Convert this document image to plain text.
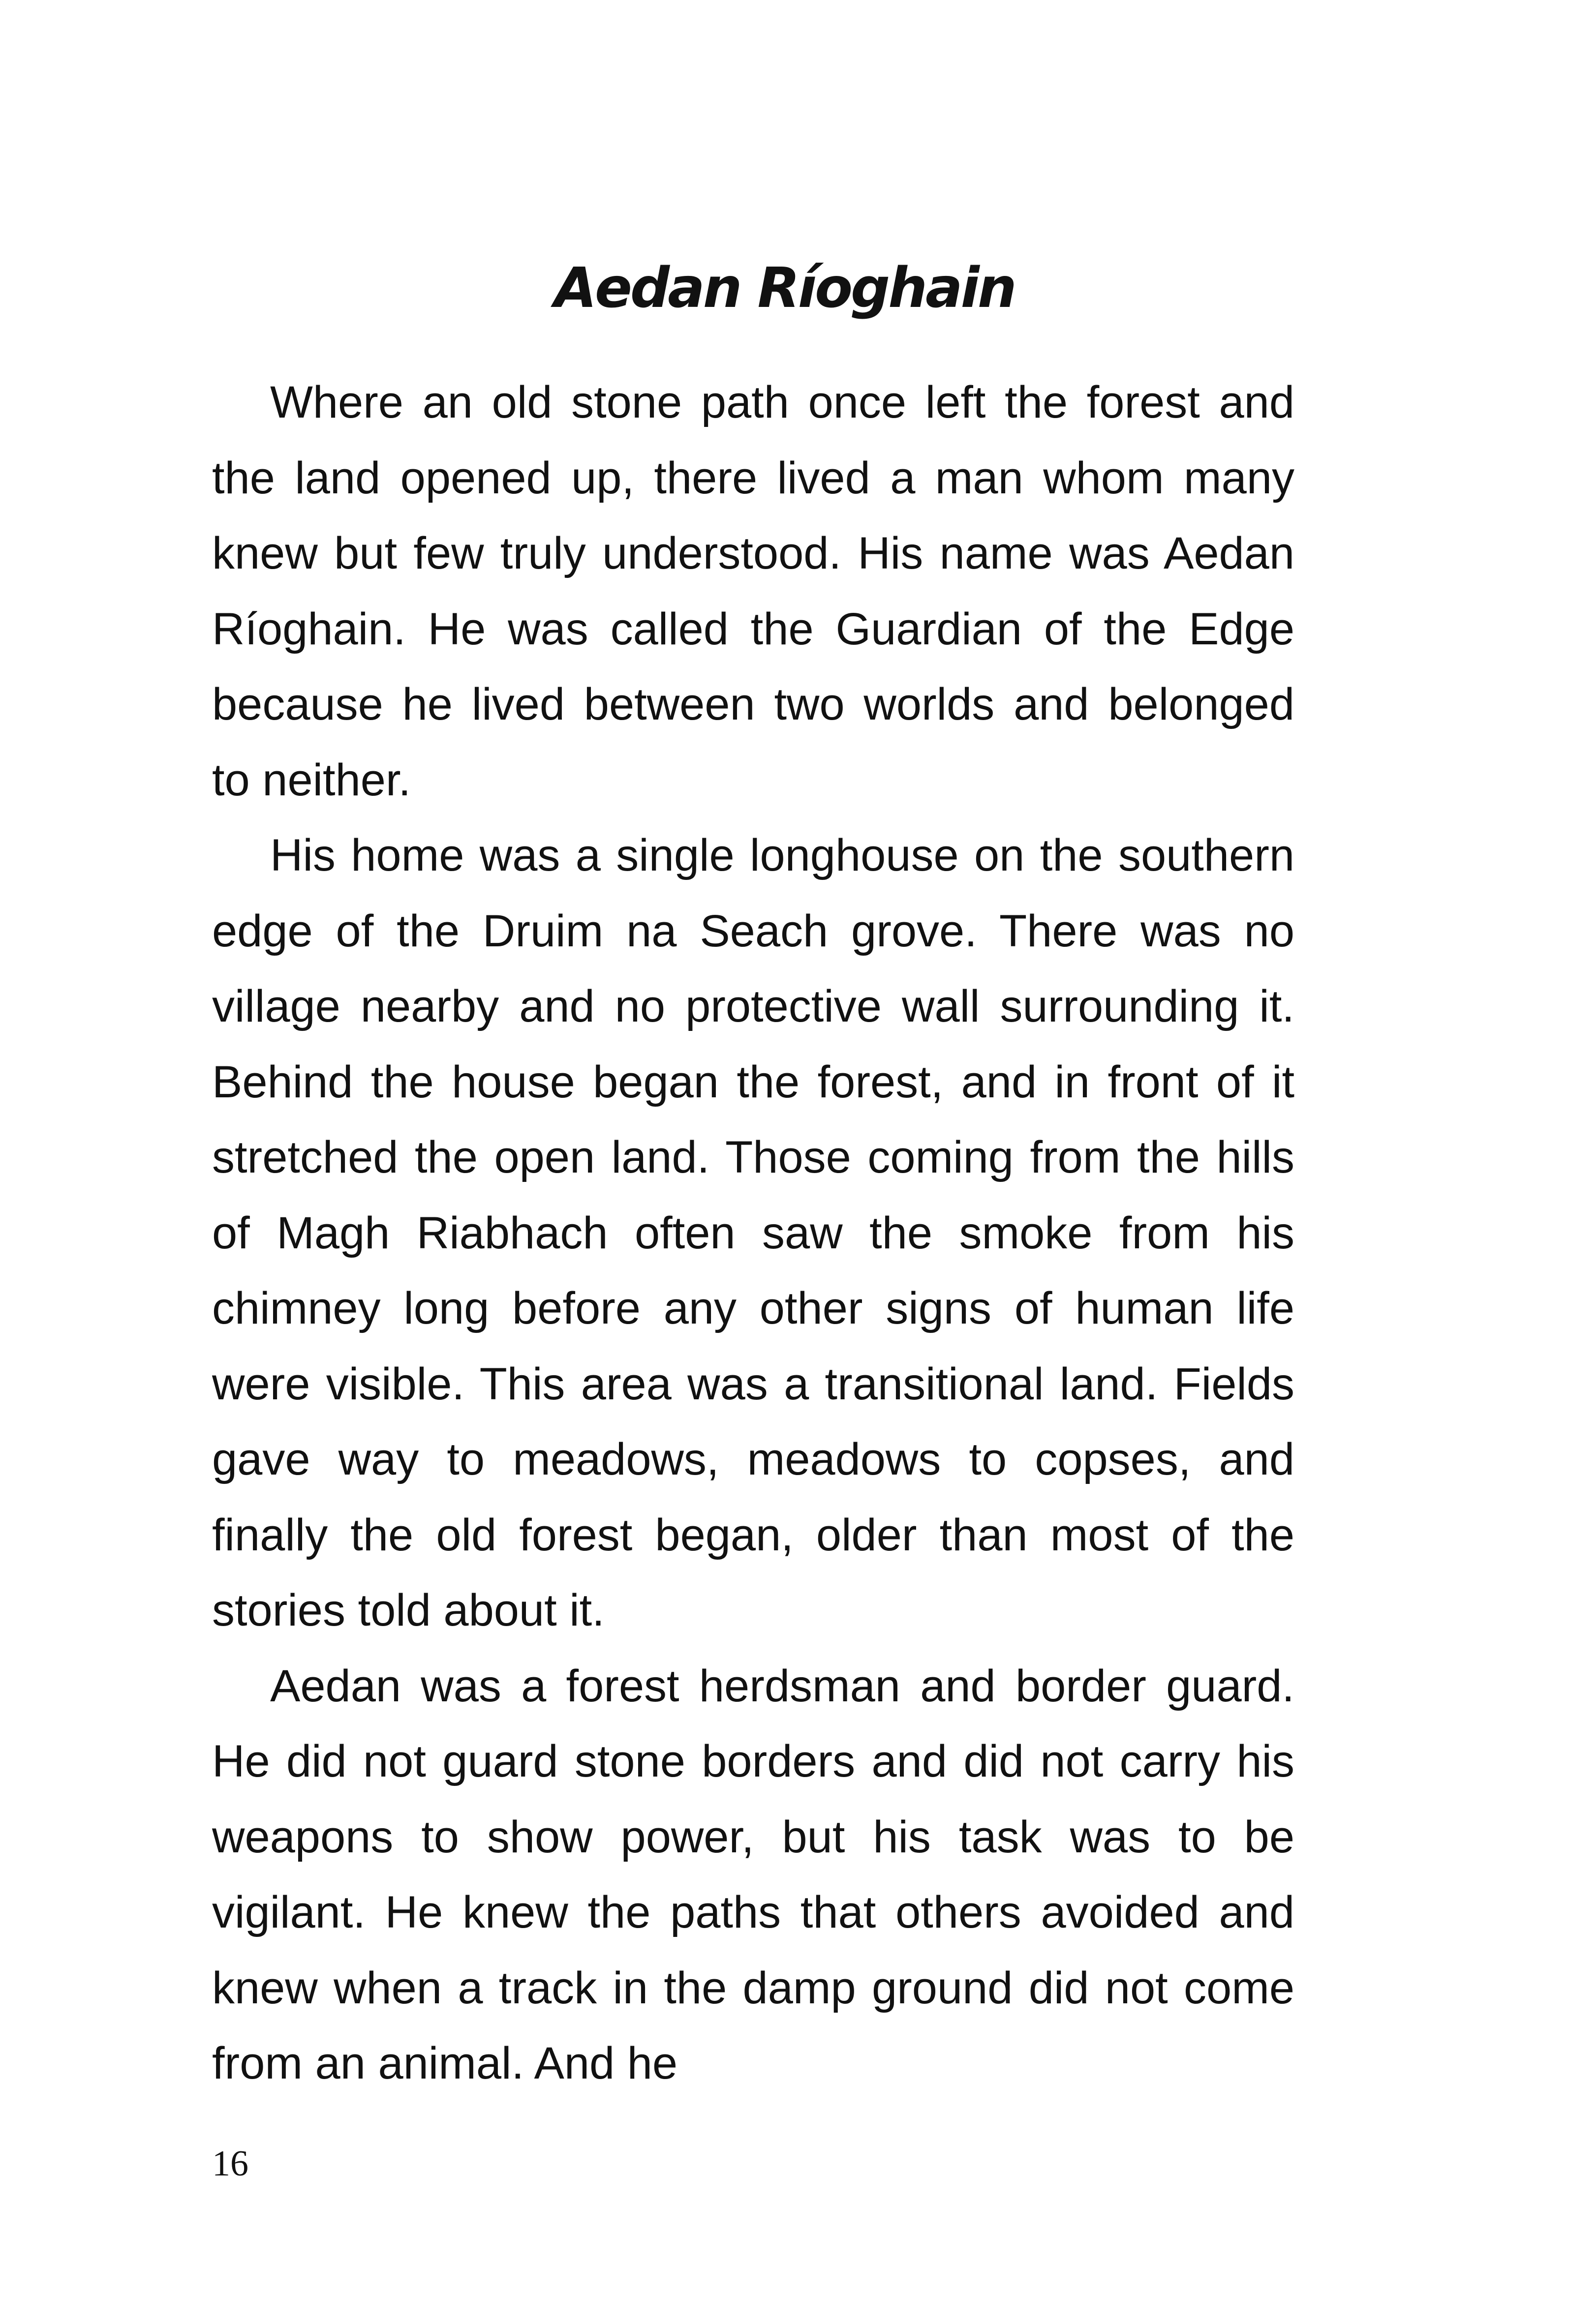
Aedan Ríoghain

Where an old stone path once left the forest and the land opened up, there lived a man whom many knew but few truly understood. His name was Aedan Ríoghain. He was called the Guardian of the Edge because he lived between two worlds and belonged to neither.

His home was a single longhouse on the southern edge of the Druim na Seach grove. There was no village nearby and no protective wall surrounding it. Behind the house began the forest, and in front of it stretched the open land. Those coming from the hills of Magh Riabhach often saw the smoke from his chimney long before any other signs of human life were visible. This area was a transitional land. Fields gave way to meadows, meadows to copses, and finally the old forest began, older than most of the stories told about it.

Aedan was a forest herdsman and border guard. He did not guard stone borders and did not carry his weapons to show power, but his task was to be vigilant. He knew the paths that others avoided and knew when a track in the damp ground did not come from an animal. And he

16
